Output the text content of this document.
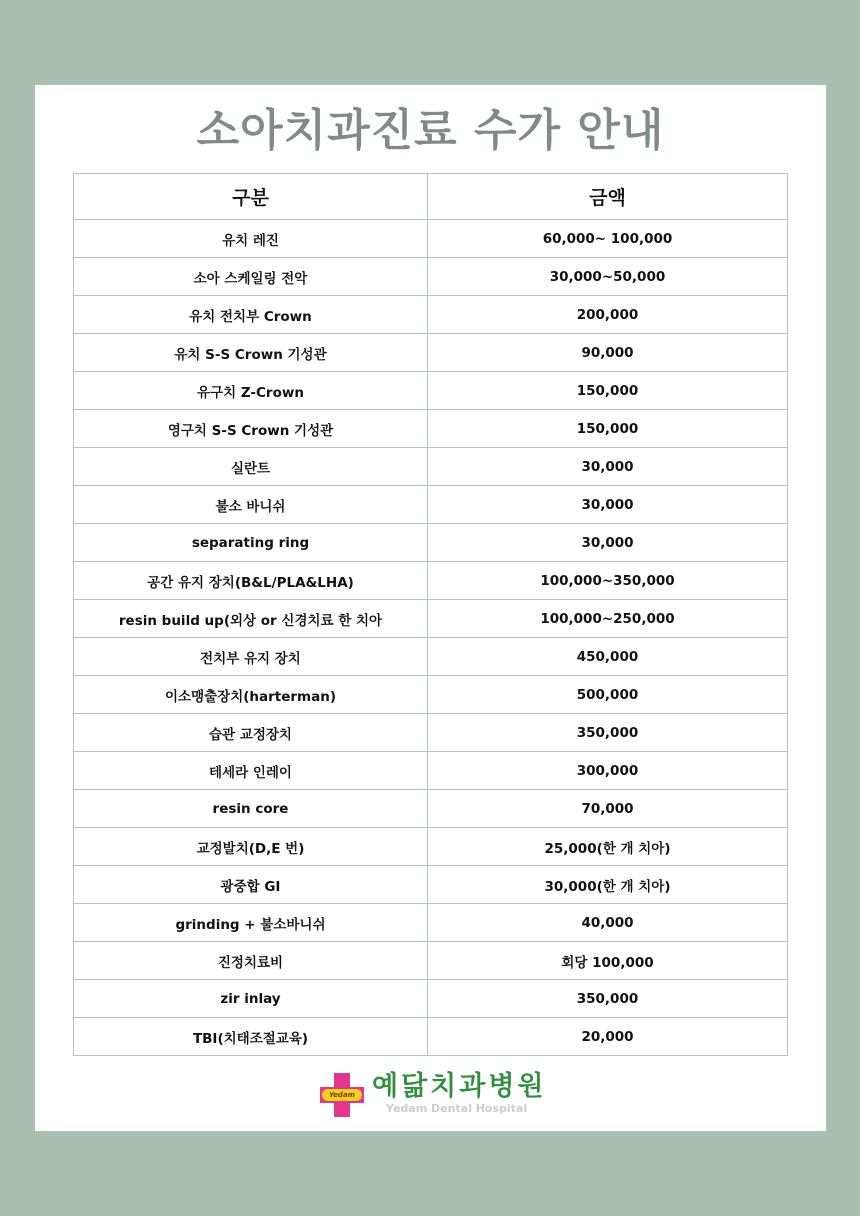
소아치과진료 수가 안내
구분	금액
유치 레진	60,000~ 100,000
소아 스케일링 전악	30,000~50,000
유치 전치부 Crown	200,000
유치 S-S Crown 기성관	90,000
유구치 Z-Crown	150,000
영구치 S-S Crown 기성관	150,000
실란트	30,000
불소 바니쉬	30,000
separating ring	30,000
공간 유지 장치(B&L/PLA&LHA)	100,000~350,000
resin build up(외상 or 신경치료 한 치아	100,000~250,000
전치부 유지 장치	450,000
이소맹출장치(harterman)	500,000
습관 교정장치	350,000
테세라 인레이	300,000
resin core	70,000
교정발치(D,E 번)	25,000(한 개 치아)
광중합 GI	30,000(한 개 치아)
grinding + 불소바니쉬	40,000
진정치료비	회당 100,000
zir inlay	350,000
TBI(치태조절교육)	20,000
Yedam 예닮치과병원
Yedam Dental Hospital
